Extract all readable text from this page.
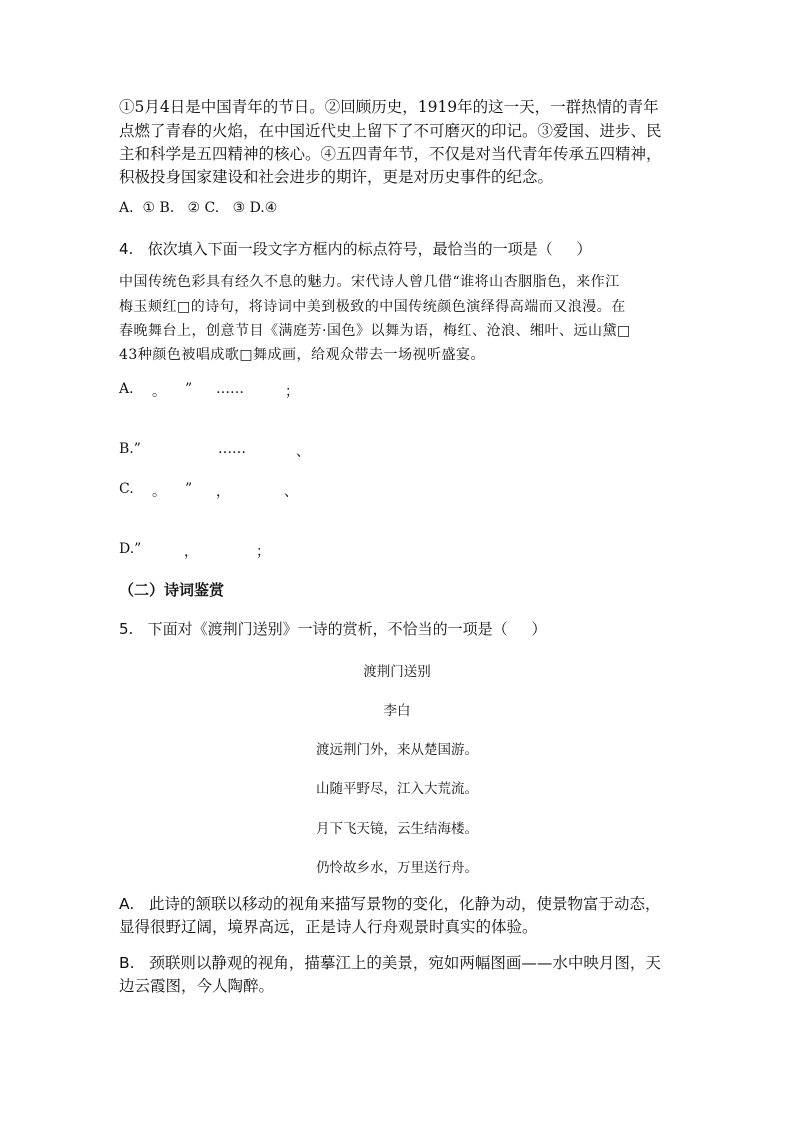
①5月4日是中国青年的节日。②回顾历史，1919年的这一天，一群热情的青年
点燃了青春的火焰，在中国近代史上留下了不可磨灭的印记。③爱国、进步、民
主和科学是五四精神的核心。④五四青年节，不仅是对当代青年传承五四精神，
积极投身国家建设和社会进步的期许，更是对历史事件的纪念。
A.  ① B.   ② C.   ③ D.④
4.   依次填入下面一段文字方框内的标点符号，最恰当的一项是（     ）
中国传统色彩具有经久不息的魅力。宋代诗人曾几借“谁将山杏胭脂色，来作江
梅玉颊红□的诗句，将诗词中美到极致的中国传统颜色演绎得高端而又浪漫。在
春晚舞台上，创意节目《满庭芳·国色》以舞为语，梅红、沧浪、缃叶、远山黛□
43种颜色被唱成歌□舞成画，给观众带去一场视听盛宴。
A. 。 ” ……	；
B.”	……	、
C. 。 ” ，	、
D.”	，	；
（二）诗词鉴赏
5.   下面对《渡荆门送别》一诗的赏析，不恰当的一项是（     ）
渡荆门送别
李白
渡远荆门外，来从楚国游。
山随平野尽，江入大荒流。
月下飞天镜，云生结海楼。
仍怜故乡水，万里送行舟。
A.   此诗的颔联以移动的视角来描写景物的变化，化静为动，使景物富于动态，
显得很野辽阔，境界高远，正是诗人行舟观景时真实的体验。
B.   颈联则以静观的视角，描摹江上的美景，宛如两幅图画——水中映月图，天
边云霞图，今人陶醉。
